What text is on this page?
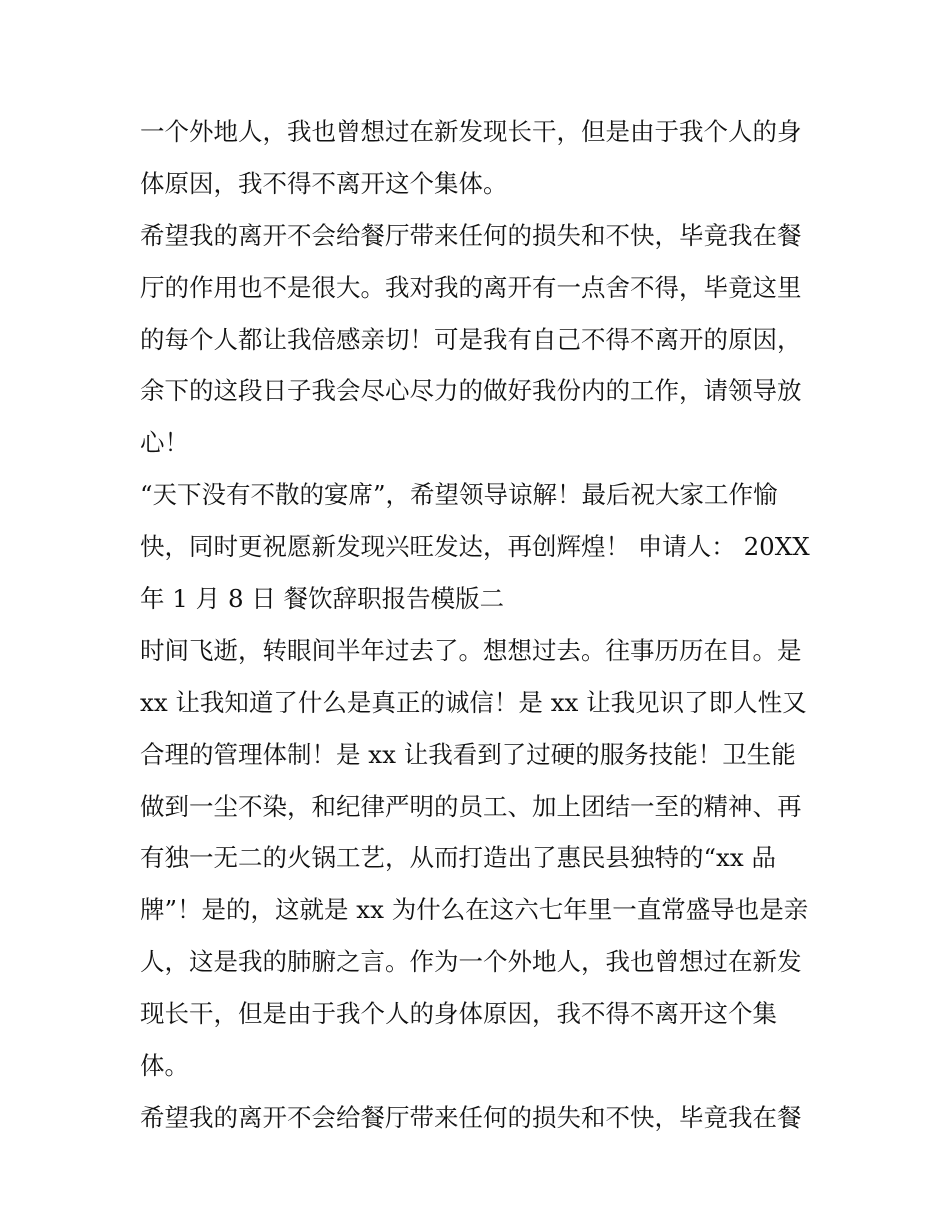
一个外地人，我也曾想过在新发现长干，但是由于我个人的身
体原因，我不得不离开这个集体。
希望我的离开不会给餐厅带来任何的损失和不快，毕竟我在餐
厅的作用也不是很大。我对我的离开有一点舍不得，毕竟这里
的每个人都让我倍感亲切！可是我有自己不得不离开的原因，
余下的这段日子我会尽心尽力的做好我份内的工作，请领导放
心！
“天下没有不散的宴席”，希望领导谅解！最后祝大家工作愉
快，同时更祝愿新发现兴旺发达，再创辉煌！ 申请人： 20XX
年 1 月 8 日 餐饮辞职报告模版二
时间飞逝，转眼间半年过去了。想想过去。往事历历在目。是
xx 让我知道了什么是真正的诚信！是 xx 让我见识了即人性又
合理的管理体制！是 xx 让我看到了过硬的服务技能！卫生能
做到一尘不染，和纪律严明的员工、加上团结一至的精神、再
有独一无二的火锅工艺，从而打造出了惠民县独特的“xx 品
牌”！是的，这就是 xx 为什么在这六七年里一直常盛导也是亲
人，这是我的肺腑之言。作为一个外地人，我也曾想过在新发
现长干，但是由于我个人的身体原因，我不得不离开这个集
体。
希望我的离开不会给餐厅带来任何的损失和不快，毕竟我在餐
